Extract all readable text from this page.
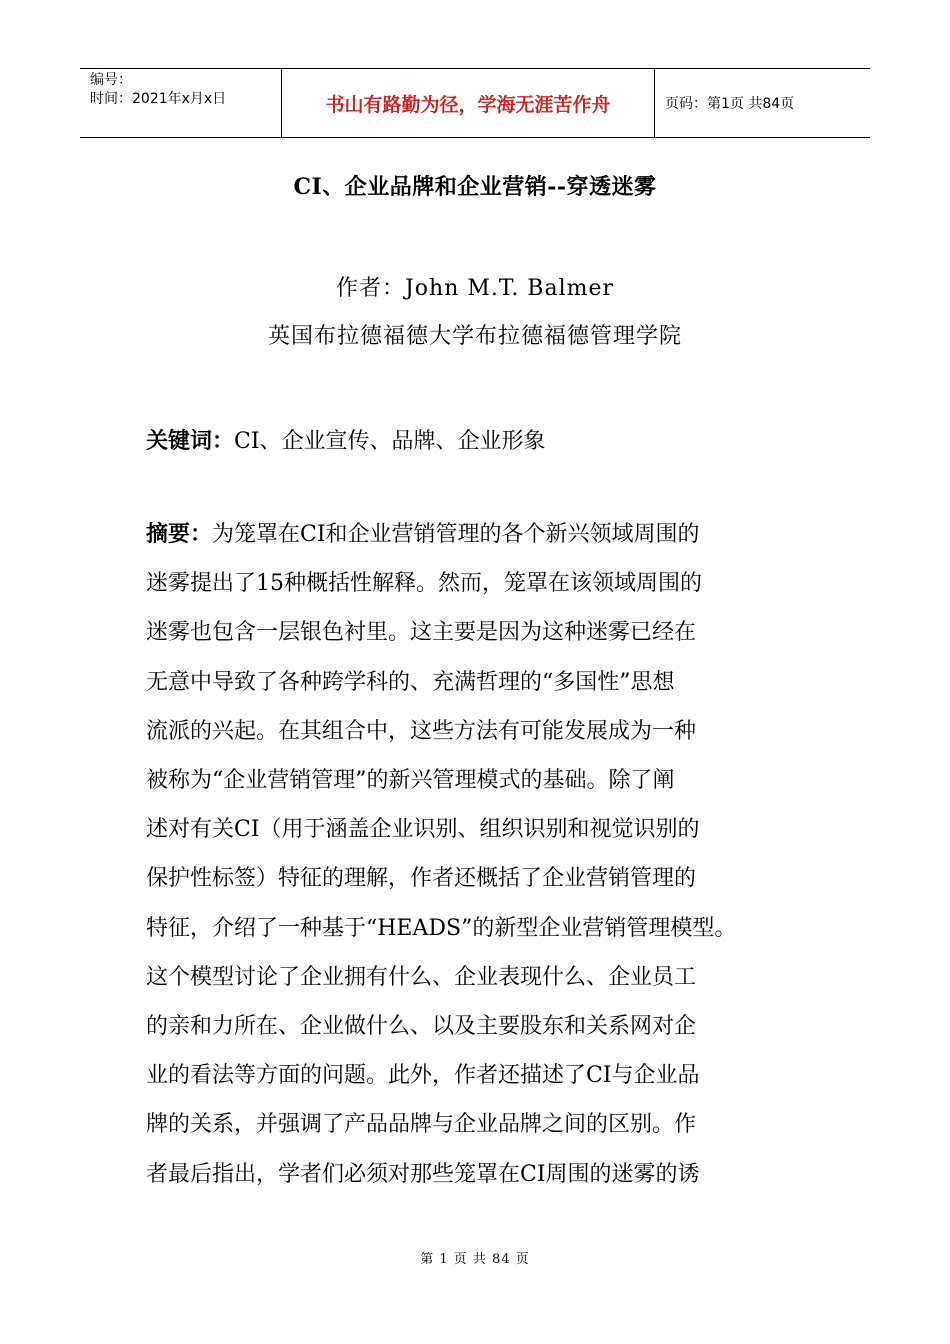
编号：
时间：2021年x月x日	书山有路勤为径，学海无涯苦作舟	页码：第1页 共84页
CI、企业品牌和企业营销--穿透迷雾
作者：John M.T. Balmer
英国布拉德福德大学布拉德福德管理学院
关键词：CI、企业宣传、品牌、企业形象
摘要：为笼罩在CI和企业营销管理的各个新兴领域周围的
迷雾提出了15种概括性解释。然而，笼罩在该领域周围的
迷雾也包含一层银色衬里。这主要是因为这种迷雾已经在
无意中导致了各种跨学科的、充满哲理的“多国性”思想
流派的兴起。在其组合中，这些方法有可能发展成为一种
被称为“企业营销管理”的新兴管理模式的基础。除了阐
述对有关CI（用于涵盖企业识别、组织识别和视觉识别的
保护性标签）特征的理解，作者还概括了企业营销管理的
特征，介绍了一种基于“HEADS”的新型企业营销管理模型。
这个模型讨论了企业拥有什么、企业表现什么、企业员工
的亲和力所在、企业做什么、以及主要股东和关系网对企
业的看法等方面的问题。此外，作者还描述了CI与企业品
牌的关系，并强调了产品品牌与企业品牌之间的区别。作
者最后指出，学者们必须对那些笼罩在CI周围的迷雾的诱
第 1 页 共 84 页
